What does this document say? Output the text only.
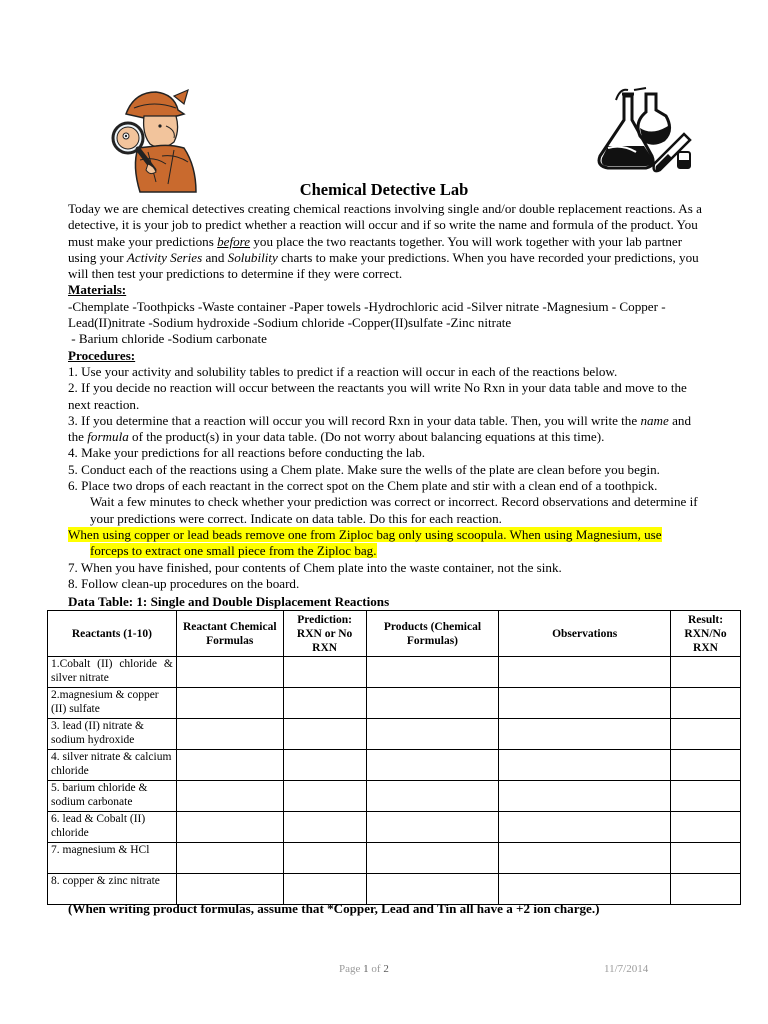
Chemical Detective Lab

Today we are chemical detectives creating chemical reactions involving single and/or double replacement reactions. As a detective, it is your job to predict whether a reaction will occur and if so write the name and formula of the product. You must make your predictions before you place the two reactants together. You will work together with your lab partner using your Activity Series and Solubility charts to make your predictions. When you have recorded your predictions, you will then test your predictions to determine if they were correct.

Materials:

-Chemplate -Toothpicks -Waste container -Paper towels -Hydrochloric acid -Silver nitrate -Magnesium - Copper - Lead(II)nitrate -Sodium hydroxide -Sodium chloride -Copper(II)sulfate -Zinc nitrate

- Barium chloride -Sodium carbonate

Procedures:

1. Use your activity and solubility tables to predict if a reaction will occur in each of the reactions below.

2. If you decide no reaction will occur between the reactants you will write No Rxn in your data table and move to the next reaction.

3. If you determine that a reaction will occur you will record Rxn in your data table. Then, you will write the name and the formula of the product(s) in your data table. (Do not worry about balancing equations at this time).

4. Make your predictions for all reactions before conducting the lab.

5. Conduct each of the reactions using a Chem plate. Make sure the wells of the plate are clean before you begin.

6. Place two drops of each reactant in the correct spot on the Chem plate and stir with a clean end of a toothpick.

Wait a few minutes to check whether your prediction was correct or incorrect. Record observations and determine if your predictions were correct. Indicate on data table. Do this for each reaction.

When using copper or lead beads remove one from Ziploc bag only using scoopula. When using Magnesium, use

forceps to extract one small piece from the Ziploc bag.

7. When you have finished, pour contents of Chem plate into the waste container, not the sink.

8. Follow clean-up procedures on the board.

Data Table: 1: Single and Double Displacement Reactions
Reactants (1-10)	Reactant Chemical Formulas	Prediction: RXN or No RXN	Products (Chemical Formulas)	Observations	Result: RXN/No RXN
1.Cobalt (II) chloride & silver nitrate					
2.magnesium & copper (II) sulfate					
3. lead (II) nitrate & sodium hydroxide					
4. silver nitrate & calcium chloride					
5. barium chloride & sodium carbonate					
6. lead & Cobalt (II) chloride					
7. magnesium & HCl					
8. copper & zinc nitrate					
(When writing product formulas, assume that *Copper, Lead and Tin all have a +2 ion charge.)
Page 1 of 2	11/7/2014
